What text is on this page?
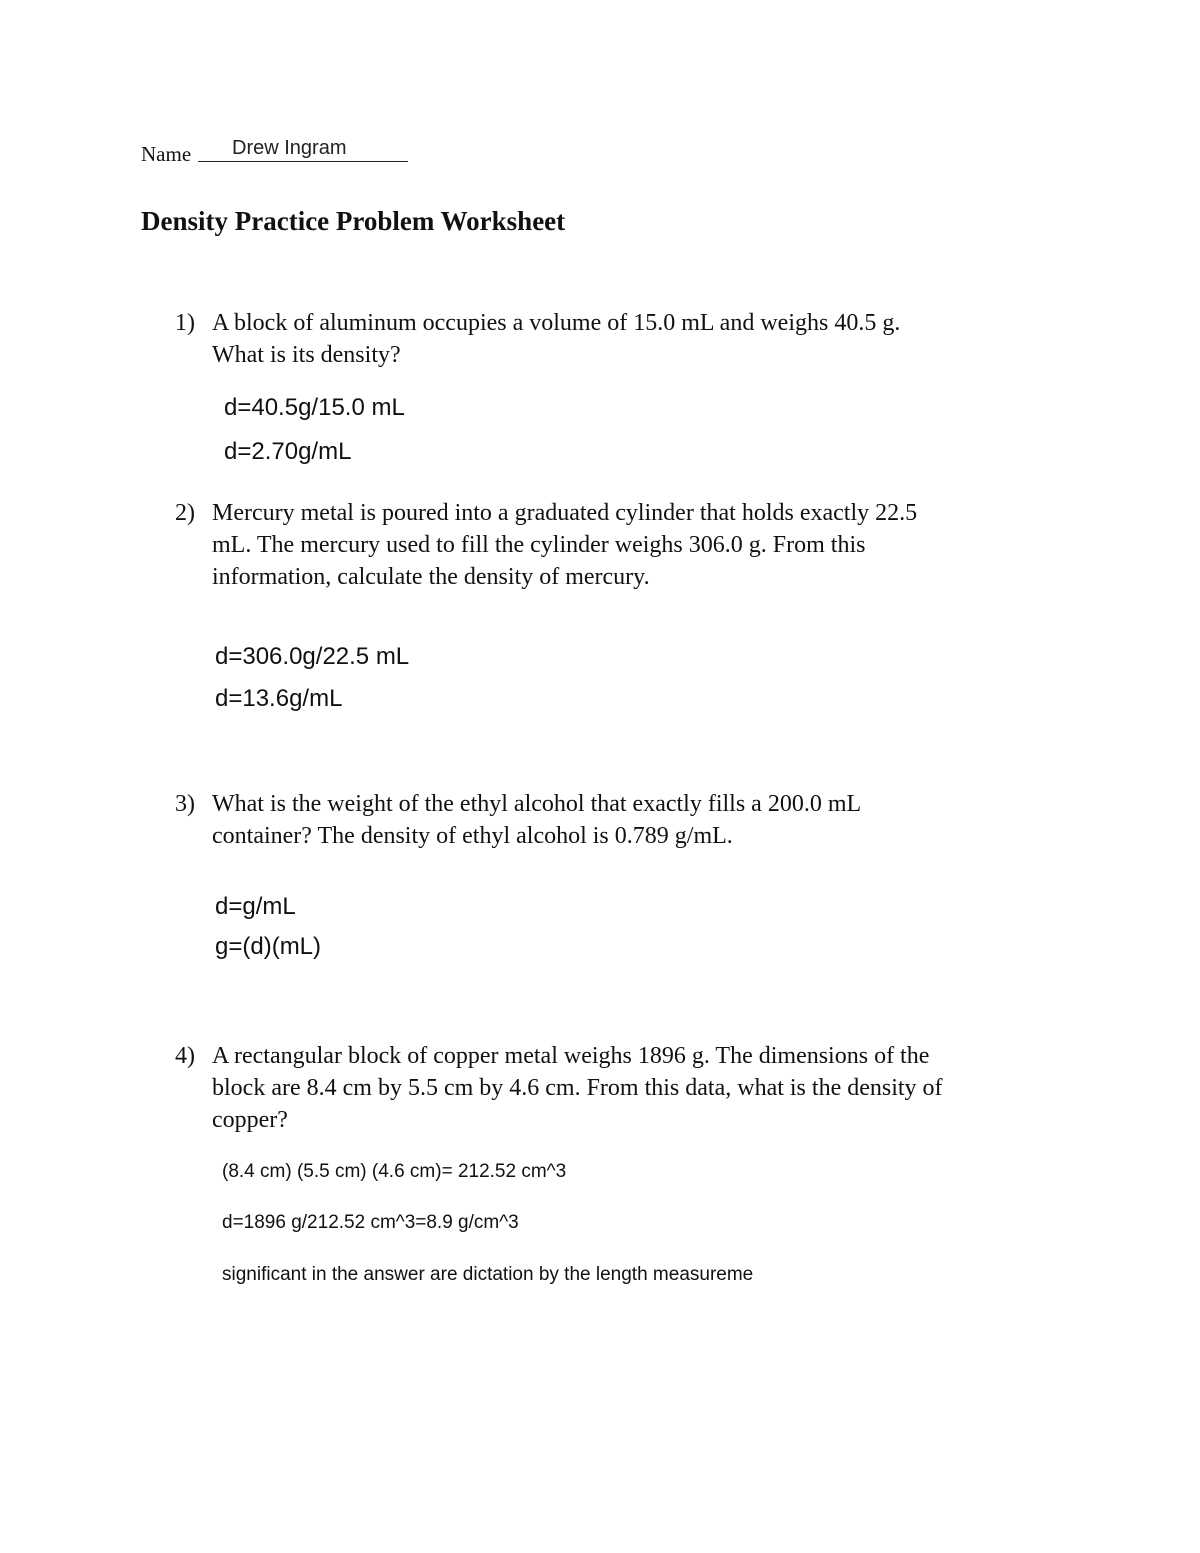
Name Drew Ingram
Density Practice Problem Worksheet
1) A block of aluminum occupies a volume of 15.0 mL and weighs 40.5 g.
What is its density?
d=40.5g/15.0 mL
d=2.70g/mL
2) Mercury metal is poured into a graduated cylinder that holds exactly 22.5
mL. The mercury used to fill the cylinder weighs 306.0 g. From this
information, calculate the density of mercury.
d=306.0g/22.5 mL
d=13.6g/mL
3) What is the weight of the ethyl alcohol that exactly fills a 200.0 mL
container? The density of ethyl alcohol is 0.789 g/mL.
d=g/mL
g=(d)(mL)
4) A rectangular block of copper metal weighs 1896 g. The dimensions of the
block are 8.4 cm by 5.5 cm by 4.6 cm. From this data, what is the density of
copper?
(8.4 cm) (5.5 cm) (4.6 cm)= 212.52 cm^3
d=1896 g/212.52 cm^3=8.9 g/cm^3
significant in the answer are dictation by the length measureme
